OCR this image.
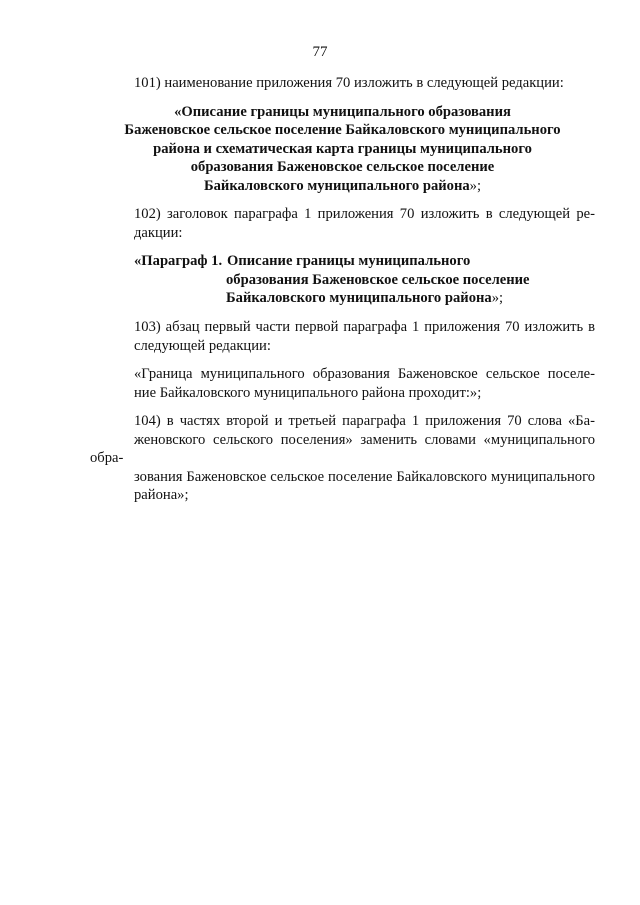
77

101) наименование приложения 70 изложить в следующей редакции:

«Описание границы муниципального образования
Баженовское сельское поселение Байкаловского муниципального
района и схематическая карта границы муниципального
образования Баженовское сельское поселение
Байкаловского муниципального района»;

102) заголовок параграфа 1 приложения 70 изложить в следующей ре-
дакции:

«Параграф 1. Описание границы муниципального
образования Баженовское сельское поселение
Байкаловского муниципального района»;

103) абзац первый части первой параграфа 1 приложения 70 изложить в
следующей редакции:

«Граница муниципального образования Баженовское сельское поселе-
ние Байкаловского муниципального района проходит:»;

104) в частях второй и третьей параграфа 1 приложения 70 слова «Ба-
женовского сельского поселения» заменить словами «муниципального обра-
зования Баженовское сельское поселение Байкаловского муниципального
района»;
